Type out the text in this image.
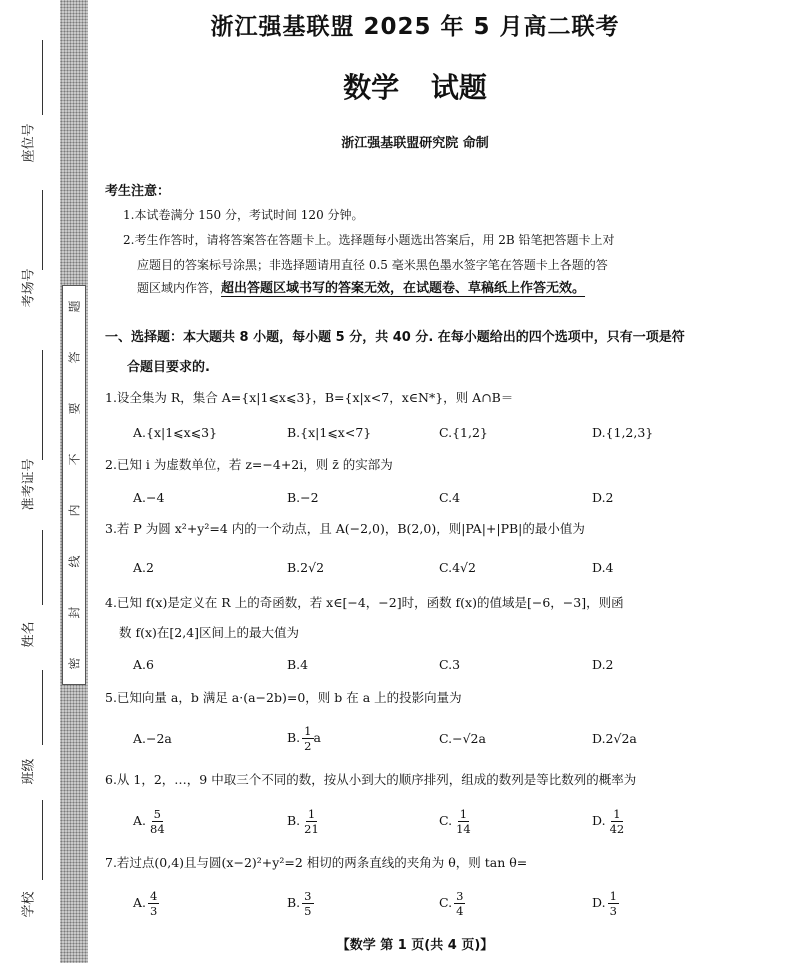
座位号
考场号
准考证号
姓名
班级
学校
题
答
要
不
内
线
封
密
浙江强基联盟 2025 年 5 月高二联考
数学 试题
浙江强基联盟研究院 命制
考生注意：
1.本试卷满分 150 分，考试时间 120 分钟。
2.考生作答时，请将答案答在答题卡上。选择题每小题选出答案后，用 2B 铅笔把答题卡上对
应题目的答案标号涂黑；非选择题请用直径 0.5 毫米黑色墨水签字笔在答题卡上各题的答
题区域内作答，超出答题区域书写的答案无效，在试题卷、草稿纸上作答无效。
一、选择题：本大题共 8 小题，每小题 5 分，共 40 分. 在每小题给出的四个选项中，只有一项是符
合题目要求的.
1.设全集为 R，集合 A={x|1⩽x⩽3}，B={x|x<7，x∈N*}，则 A∩B＝
A.{x|1⩽x⩽3}	B.{x|1⩽x<7}	C.{1,2}	D.{1,2,3}
2.已知 i 为虚数单位，若 z=−4+2i，则 z̄ 的实部为
A.−4	B.−2	C.4	D.2
3.若 P 为圆 x²+y²=4 内的一个动点，且 A(−2,0)，B(2,0)，则|PA|+|PB|的最小值为
A.2	B.2√2	C.4√2	D.4
4.已知 f(x)是定义在 R 上的奇函数，若 x∈[−4，−2]时，函数 f(x)的值域是[−6，−3]，则函
数 f(x)在[2,4]区间上的最大值为
A.6	B.4	C.3	D.2
5.已知向量 a，b 满足 a·(a−2b)=0，则 b 在 a 上的投影向量为
A.−2a	B. $\frac{1}{2}$ a	C.−√2a	D.2√2a
6.从 1，2，…，9 中取三个不同的数，按从小到大的顺序排列，组成的数列是等比数列的概率为
A. $\frac{5}{84}$	B. $\frac{1}{21}$	C. $\frac{1}{14}$	D. $\frac{1}{42}$
7.若过点(0,4)且与圆(x−2)²+y²=2 相切的两条直线的夹角为 θ，则 tan θ=
A. $\frac{4}{3}$	B. $\frac{3}{5}$	C. $\frac{3}{4}$	D. $\frac{1}{3}$
【数学 第 1 页(共 4 页)】
